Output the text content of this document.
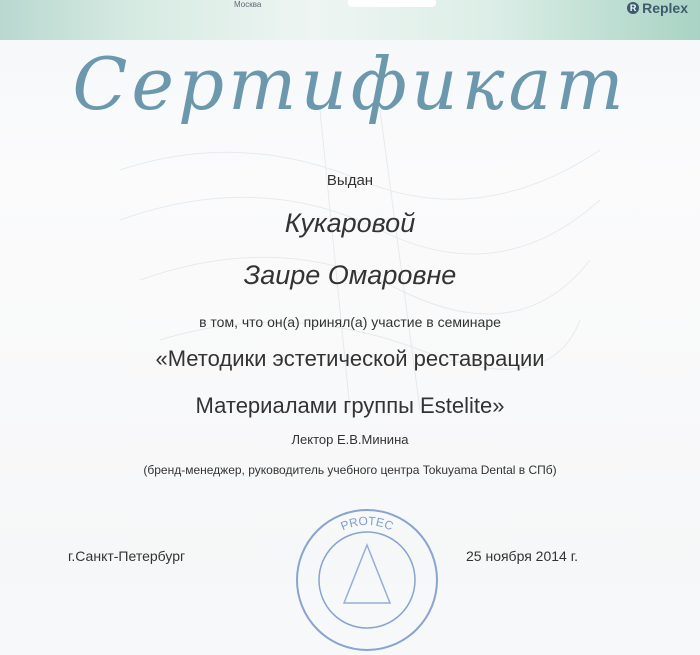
Москва	R Replex
Сертификат
Выдан
Кукаровой
Заире Омаровне
в том, что он(а) принял(а) участие в семинаре
«Методики эстетической реставрации
Материалами группы Estelite»
Лектор Е.В.Минина
(бренд-менеджер, руководитель учебного центра Tokuyama Dental в СПб)
г.Санкт-Петербург	25 ноября 2014 г.
PROTEC
